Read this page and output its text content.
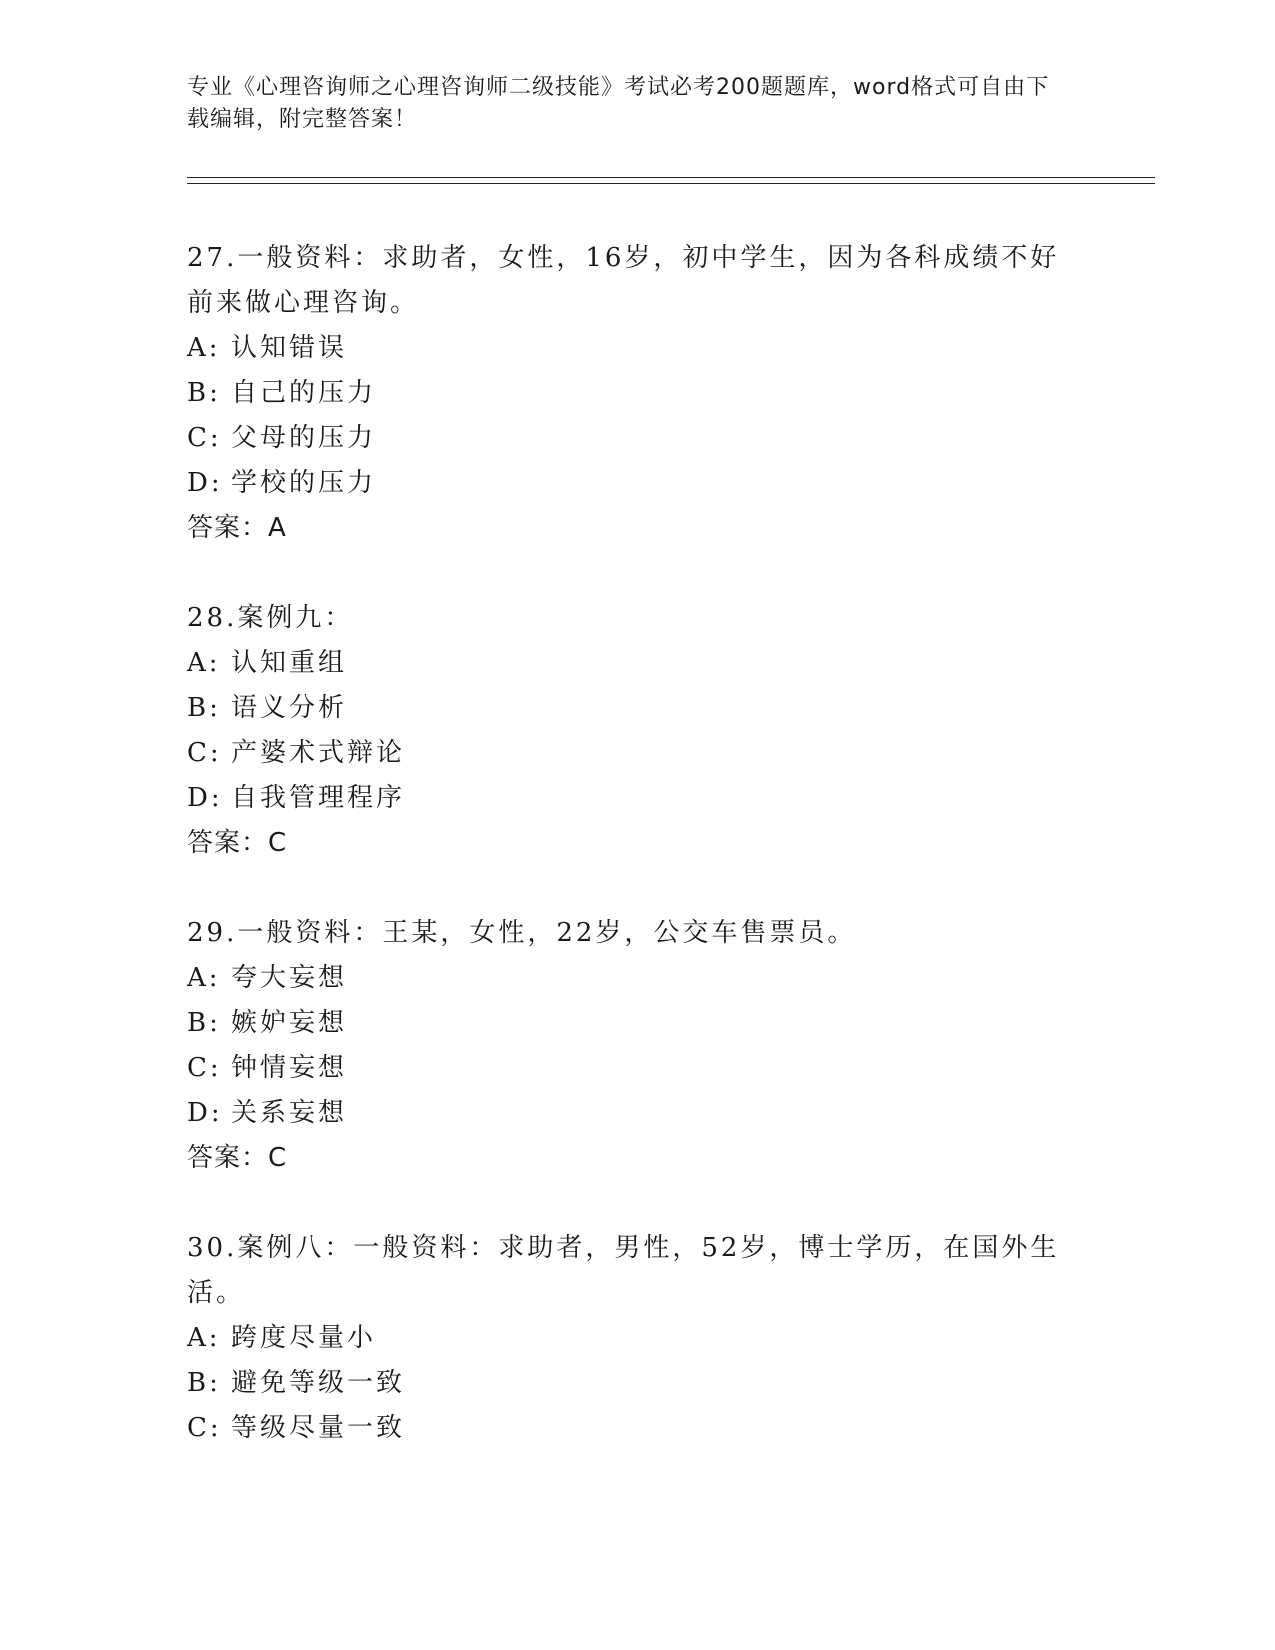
专业《心理咨询师之心理咨询师二级技能》考试必考200题题库，word格式可自由下载编辑，附完整答案！
27.一般资料：求助者，女性，16岁，初中学生，因为各科成绩不好前来做心理咨询。
A: 认知错误
B: 自己的压力
C: 父母的压力
D: 学校的压力
答案：A
28.案例九：
A: 认知重组
B: 语义分析
C: 产婆术式辩论
D: 自我管理程序
答案：C
29.一般资料：王某，女性，22岁，公交车售票员。
A: 夸大妄想
B: 嫉妒妄想
C: 钟情妄想
D: 关系妄想
答案：C
30.案例八：一般资料：求助者，男性，52岁，博士学历，在国外生活。
A: 跨度尽量小
B: 避免等级一致
C: 等级尽量一致
